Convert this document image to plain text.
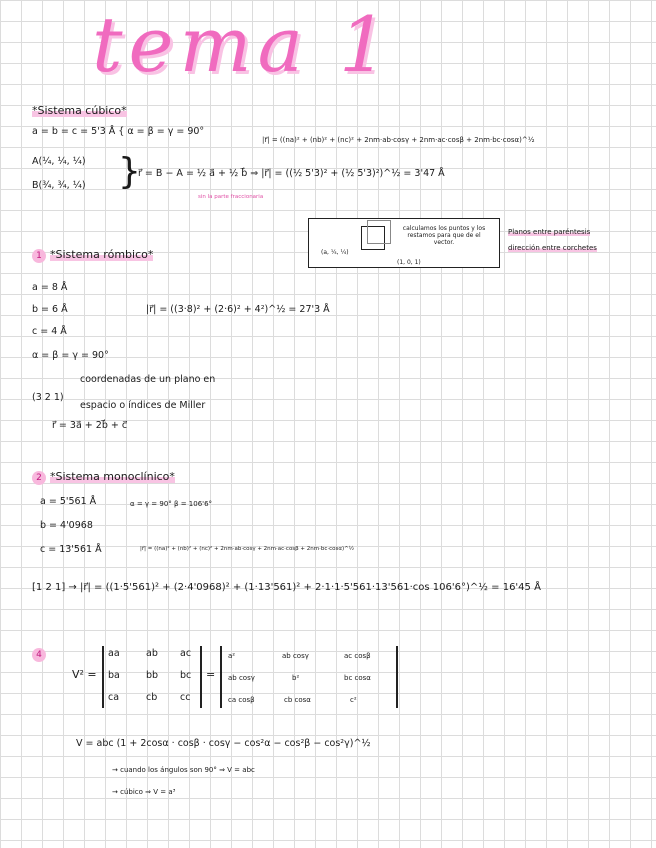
tema 1
*Sistema cúbico*
a = b = c = 5'3 Å { α = β = γ = 90°
|r⃗| = ((na)² + (nb)² + (nc)² + 2nm·ab·cosγ + 2nm·ac·cosβ + 2nm·bc·cosα)^½
A(¼, ¼, ¼)
B(¾, ¾, ¼) }
r⃗ = B − A = ½ a⃗ + ½ b⃗ ⇒ |r⃗| = ((½ 5'3)² + (½ 5'3)²)^½ = 3'47 Å
sin la parte fraccionaria
1 *Sistema rómbico*	(a, ¼, ¼)
(1, 0, 1)
calculamos los puntos y los restamos para que de el vector.
Planos entre paréntesis
dirección entre corchetes
a = 8 Å
b = 6 Å	|r⃗| = ((3·8)² + (2·6)² + 4²)^½ = 27'3 Å
c = 4 Å
α = β = γ = 90°
coordenadas de un plano en
(3 2 1)
espacio o índices de Miller
r⃗ = 3a⃗ + 2b⃗ + c⃗
2 *Sistema monoclínico*
a = 5'561 Å	α = γ = 90° β = 106'6°
b = 4'0968
c = 13'561 Å	|r⃗| = ((na)² + (nb)² + (nc)² + 2nm·ab·cosγ + 2nm·ac·cosβ + 2nm·bc·cosα)^½
[1 2 1] → |r⃗| = ((1·5'561)² + (2·4'0968)² + (1·13'561)² + 2·1·1·5'561·13'561·cos 106'6°)^½ = 16'45 Å
4
V² =
aa	ab ac
ba	bb bc
ca	cb cc
=
a²	ab cosγ	ac cosβ
ab cosγ	b²	bc cosα
ca cosβ	cb cosα	c²
V = abc (1 + 2cosα · cosβ · cosγ − cos²α − cos²β − cos²γ)^½
→ cuando los ángulos son 90° ⇒ V = abc
→ cúbico ⇒ V = a³
